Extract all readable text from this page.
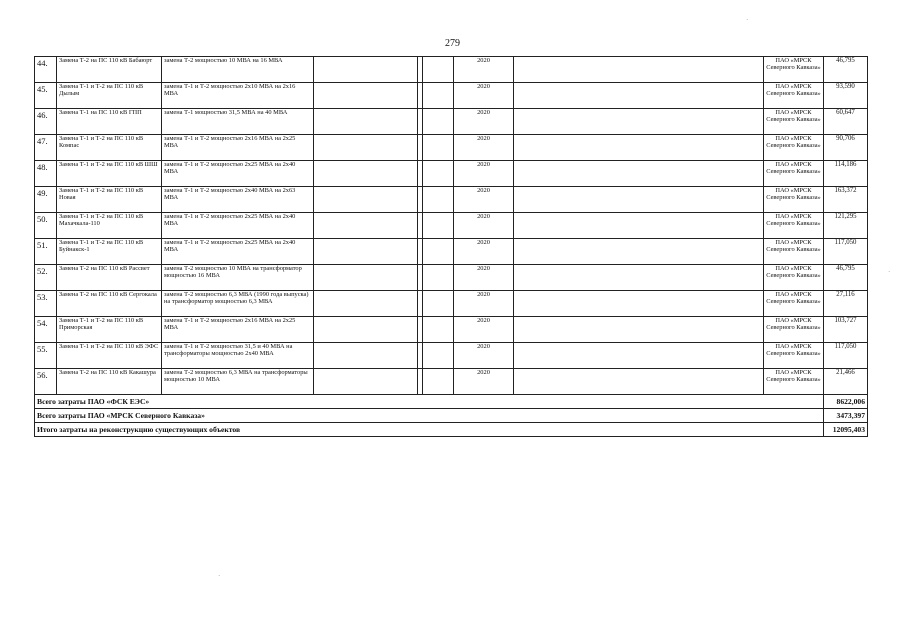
279
44.	Замена Т-2 на ПС 110 кВ Бабаюрт	замена Т-2 мощностью 10 МВА на 16 МВА				2020		ПАО «МРСК Северного Кавказа»	46,795
45.	Замена Т-1 и Т-2 на ПС 110 кВ Дылым	замена Т-1 и Т-2 мощностью 2х10 МВА на 2х16 МВА				2020		ПАО «МРСК Северного Кавказа»	93,590
46.	Замена Т-1 на ПС 110 кВ ГПП	замена Т-1 мощностью 31,5 МВА на 40 МВА				2020		ПАО «МРСК Северного Кавказа»	60,647
47.	Замена Т-1 и Т-2 на ПС 110 кВ Компас	замена Т-1 и Т-2 мощностью 2х16 МВА на 2х25 МВА				2020		ПАО «МРСК Северного Кавказа»	90,706
48.	Замена Т-1 и Т-2 на ПС 110 кВ ШШ	замена Т-1 и Т-2 мощностью 2х25 МВА на 2х40 МВА				2020		ПАО «МРСК Северного Кавказа»	114,186
49.	Замена Т-1 и Т-2 на ПС 110 кВ Новая	замена Т-1 и Т-2 мощностью 2х40 МВА на 2х63 МВА				2020		ПАО «МРСК Северного Кавказа»	163,372
50.	Замена Т-1 и Т-2 на ПС 110 кВ Махачкала-110	замена Т-1 и Т-2 мощностью 2х25 МВА на 2х40 МВА				2020		ПАО «МРСК Северного Кавказа»	121,295
51.	Замена Т-1 и Т-2 на ПС 110 кВ Буйнакск-1	замена Т-1 и Т-2 мощностью 2х25 МВА на 2х40 МВА				2020		ПАО «МРСК Северного Кавказа»	117,050
52.	Замена Т-2 на ПС 110 кВ Рассвет	замена Т-2 мощностью 10 МВА на трансформатор мощностью 16 МВА				2020		ПАО «МРСК Северного Кавказа»	46,795
53.	Замена Т-2 на ПС 110 кВ Сергокала	замена Т-2 мощностью 6,3 МВА (1990 года выпуска) на трансформатор мощностью 6,3 МВА				2020		ПАО «МРСК Северного Кавказа»	27,116
54.	Замена Т-1 и Т-2 на ПС 110 кВ Приморская	замена Т-1 и Т-2 мощностью 2х16 МВА на 2х25 МВА				2020		ПАО «МРСК Северного Кавказа»	103,727
55.	Замена Т-1 и Т-2 на ПС 110 кВ ЭФС	замена Т-1 и Т-2 мощностью 31,5 и 40 МВА на трансформаторы мощностью 2х40 МВА				2020		ПАО «МРСК Северного Кавказа»	117,050
56.	Замена Т-2 на ПС 110 кВ Какашура	замена Т-2 мощностью 6,3 МВА на трансформаторы мощностью 10 МВА				2020		ПАО «МРСК Северного Кавказа»	21,466
Всего затраты ПАО «ФСК ЕЭС»									8622,006
Всего затраты ПАО «МРСК Северного Кавказа»									3473,397
Итого затраты на реконструкцию существующих объектов									12095,403
·
·
·
